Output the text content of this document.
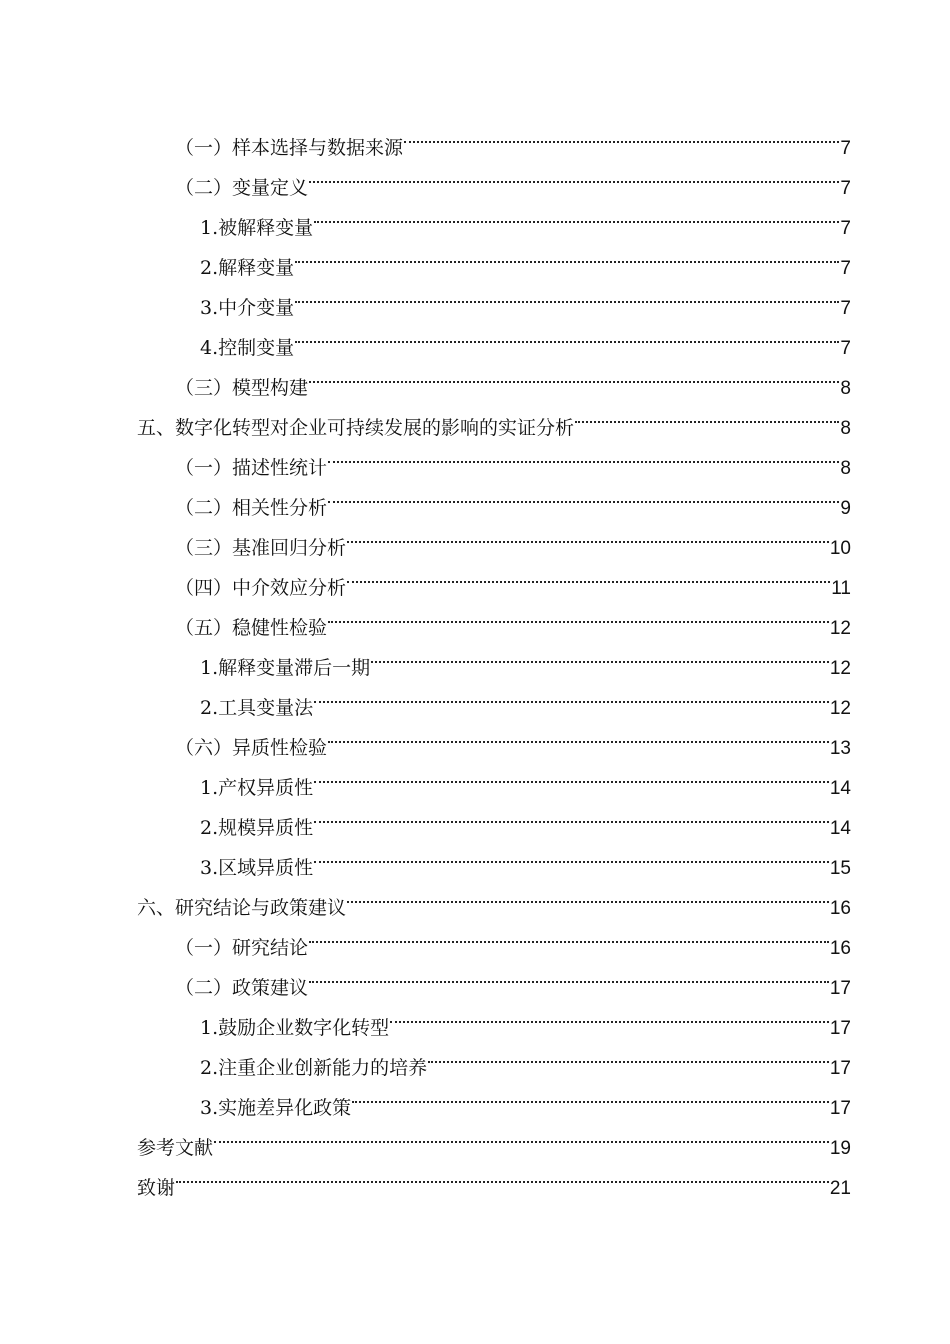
（一）样本选择与数据来源	7
（二）变量定义	7
1.被解释变量	7
2.解释变量	7
3.中介变量	7
4.控制变量	7
（三）模型构建	8
五、数字化转型对企业可持续发展的影响的实证分析	8
（一）描述性统计	8
（二）相关性分析	9
（三）基准回归分析	10
（四）中介效应分析	11
（五）稳健性检验	12
1.解释变量滞后一期	12
2.工具变量法	12
（六）异质性检验	13
1.产权异质性	14
2.规模异质性	14
3.区域异质性	15
六、研究结论与政策建议	16
（一）研究结论	16
（二）政策建议	17
1.鼓励企业数字化转型	17
2.注重企业创新能力的培养	17
3.实施差异化政策	17
参考文献	19
致谢	21
